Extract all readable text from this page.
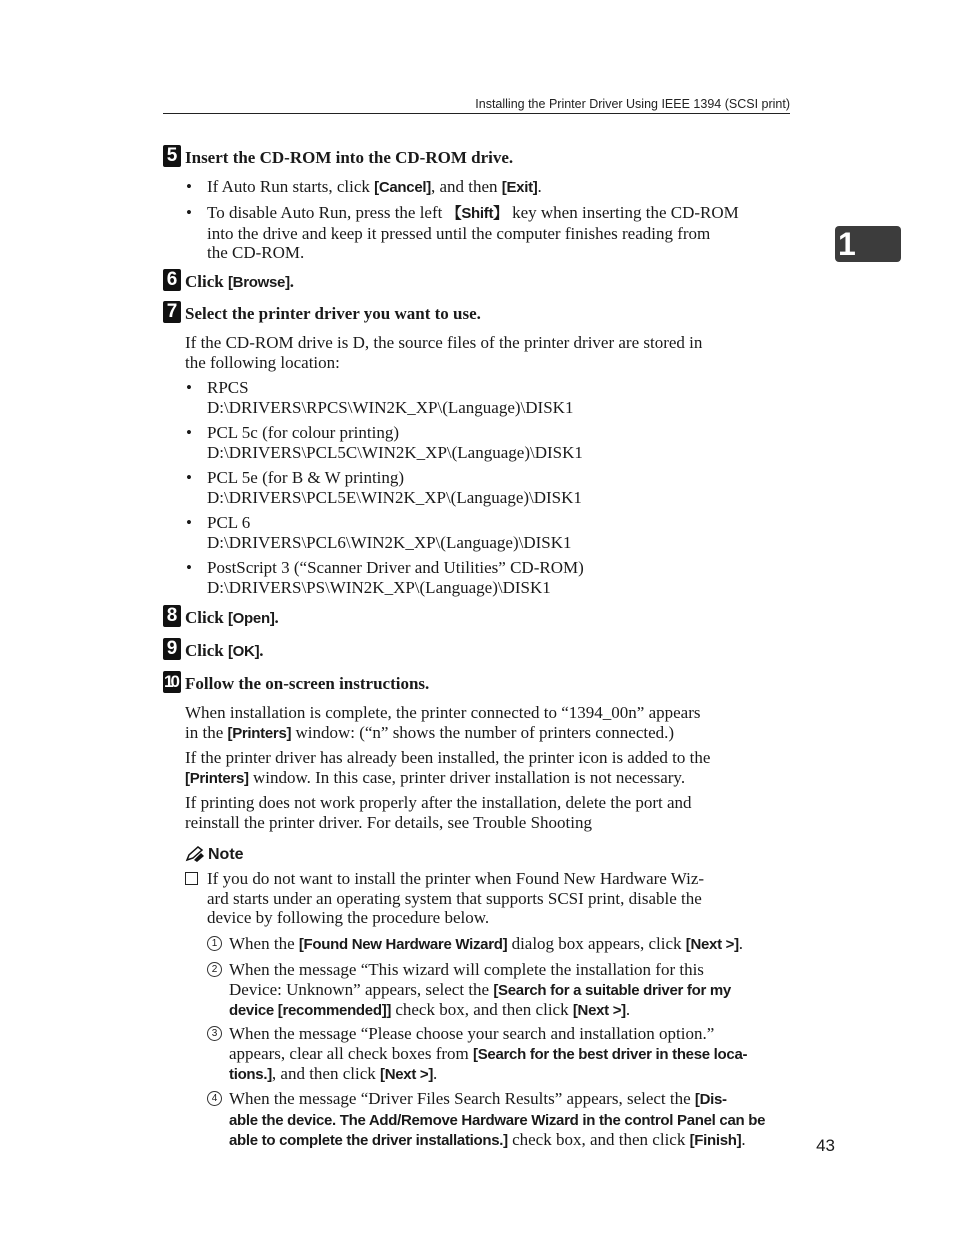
Installing the Printer Driver Using IEEE 1394 (SCSI print)
1
5 Insert the CD-ROM into the CD-ROM drive.
• If Auto Run starts, click [Cancel], and then [Exit].
• To disable Auto Run, press the left 【Shift】 key when inserting the CD-ROM
into the drive and keep it pressed until the computer finishes reading from
the CD-ROM.
6 Click [Browse].
7 Select the printer driver you want to use.
If the CD-ROM drive is D, the source files of the printer driver are stored in
the following location:
• RPCS
D:\DRIVERS\RPCS\WIN2K_XP\(Language)\DISK1
• PCL 5c (for colour printing)
D:\DRIVERS\PCL5C\WIN2K_XP\(Language)\DISK1
• PCL 5e (for B & W printing)
D:\DRIVERS\PCL5E\WIN2K_XP\(Language)\DISK1
• PCL 6
D:\DRIVERS\PCL6\WIN2K_XP\(Language)\DISK1
• PostScript 3 (“Scanner Driver and Utilities” CD-ROM)
D:\DRIVERS\PS\WIN2K_XP\(Language)\DISK1
8 Click [Open].
9 Click [OK].
10 Follow the on-screen instructions.
When installation is complete, the printer connected to “1394_00n” appears
in the [Printers] window: (“n” shows the number of printers connected.)
If the printer driver has already been installed, the printer icon is added to the
[Printers] window. In this case, printer driver installation is not necessary.
If printing does not work properly after the installation, delete the port and
reinstall the printer driver. For details, see Trouble Shooting
Note
If you do not want to install the printer when Found New Hardware Wiz-
ard starts under an operating system that supports SCSI print, disable the
device by following the procedure below.
1 When the [Found New Hardware Wizard] dialog box appears, click [Next >].
2 When the message “This wizard will complete the installation for this
Device: Unknown” appears, select the [Search for a suitable driver for my
device [recommended]] check box, and then click [Next >].
3 When the message “Please choose your search and installation option.”
appears, clear all check boxes from [Search for the best driver in these loca-
tions.], and then click [Next >].
4 When the message “Driver Files Search Results” appears, select the [Dis-
able the device. The Add/Remove Hardware Wizard in the control Panel can be
able to complete the driver installations.] check box, and then click [Finish].	43
